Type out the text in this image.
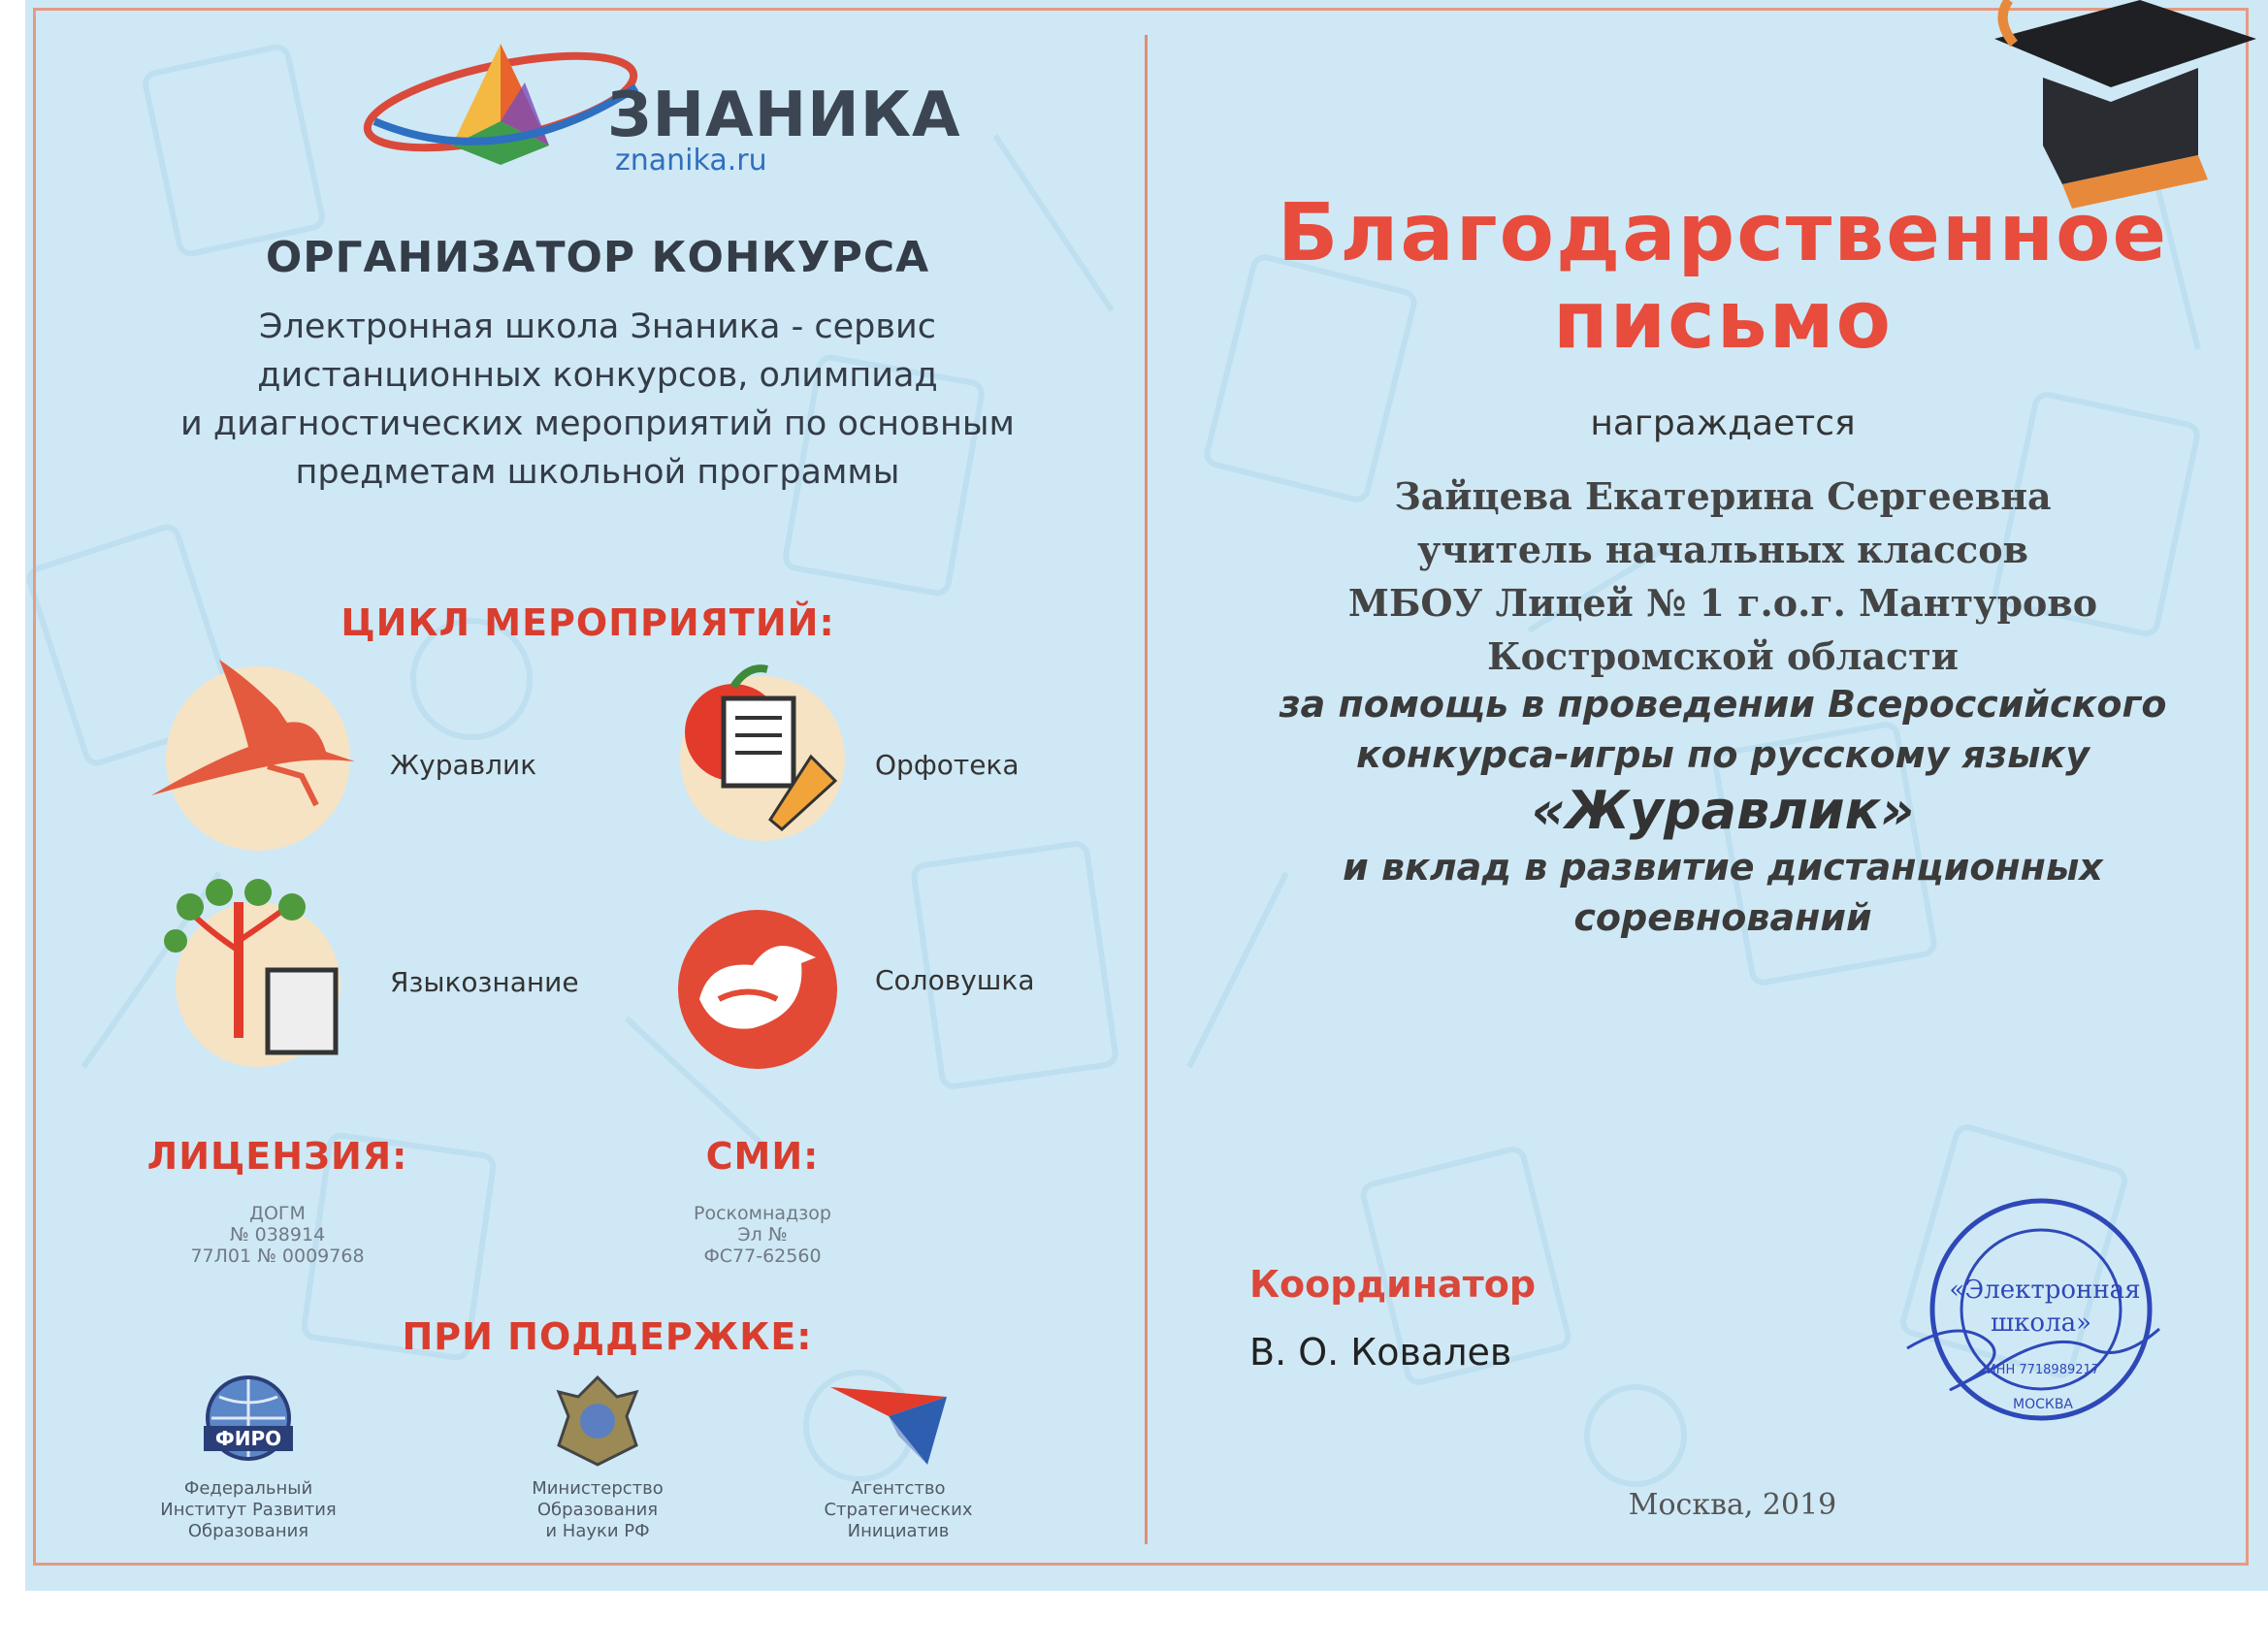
ЗНАНИКА
znanika.ru
ОРГАНИЗАТОР КОНКУРСА
Электронная школа Знаника - сервис
дистанционных конкурсов, олимпиад
и диагностических мероприятий по основным
предметам школьной программы
ЦИКЛ МЕРОПРИЯТИЙ:
Журавлик	Орфотека
Языкознание	Соловушка
ЛИЦЕНЗИЯ:
ДОГМ
№ 038914
77Л01 № 0009768
СМИ:
Роскомнадзор
Эл №
ФС77-62560
ПРИ ПОДДЕРЖКЕ:
ФИРО
Федеральный
Институт Развития
Образования
Министерство
Образования
и Науки РФ
Агентство
Стратегических
Инициатив
Благодарственное
письмо
награждается
Зайцева Екатерина Сергеевна
учитель начальных классов
МБОУ Лицей № 1 г.о.г. Мантурово
Костромской области
за помощь в проведении Всероссийского
конкурса-игры по русскому языку
«Журавлик»
и вклад в развитие дистанционных
соревнований
Координатор
В. О. Ковалев
«Электронная
школа»
ИНН 7718989217
МОСКВА
Москва, 2019
